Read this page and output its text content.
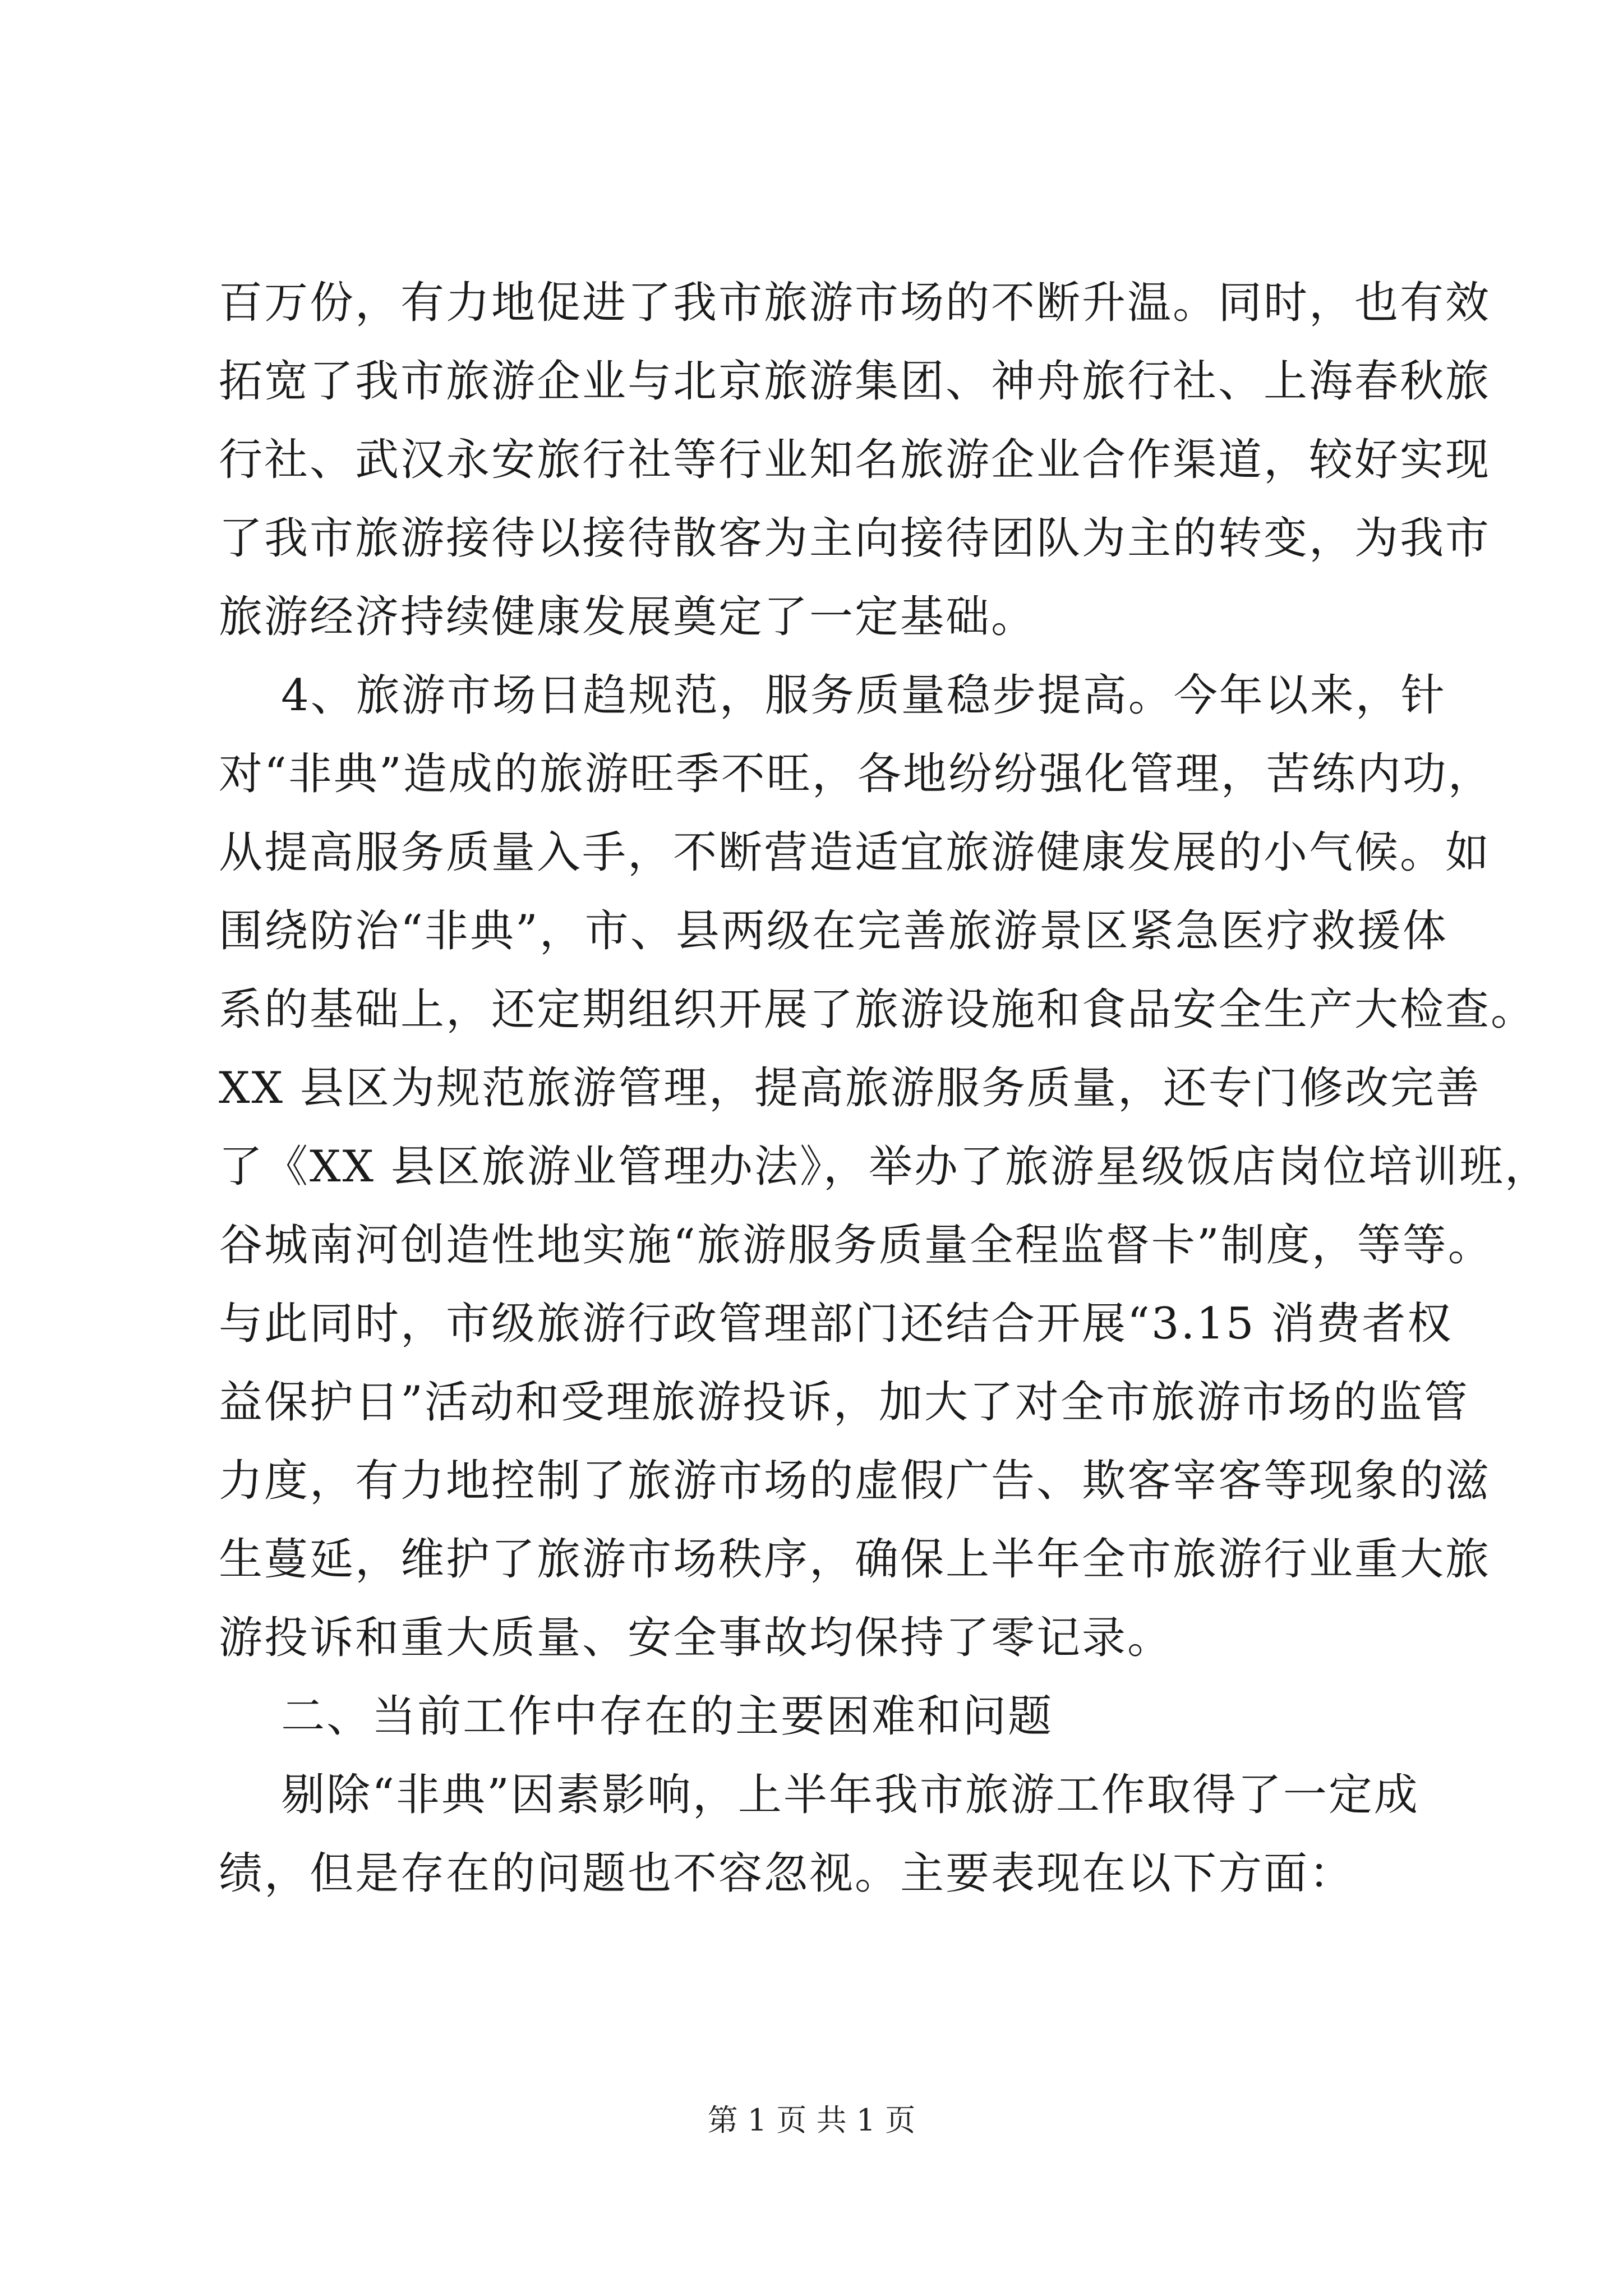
百万份，有力地促进了我市旅游市场的不断升温。同时，也有效
拓宽了我市旅游企业与北京旅游集团、神舟旅行社、上海春秋旅
行社、武汉永安旅行社等行业知名旅游企业合作渠道，较好实现
了我市旅游接待以接待散客为主向接待团队为主的转变，为我市
旅游经济持续健康发展奠定了一定基础。
4、旅游市场日趋规范，服务质量稳步提高。今年以来，针
对“非典”造成的旅游旺季不旺，各地纷纷强化管理，苦练内功，
从提高服务质量入手，不断营造适宜旅游健康发展的小气候。如
围绕防治“非典”，市、县两级在完善旅游景区紧急医疗救援体
系的基础上，还定期组织开展了旅游设施和食品安全生产大检查。
XX 县区为规范旅游管理，提高旅游服务质量，还专门修改完善
了《XX 县区旅游业管理办法》，举办了旅游星级饭店岗位培训班，
谷城南河创造性地实施“旅游服务质量全程监督卡”制度，等等。
与此同时，市级旅游行政管理部门还结合开展“3.15 消费者权
益保护日”活动和受理旅游投诉，加大了对全市旅游市场的监管
力度，有力地控制了旅游市场的虚假广告、欺客宰客等现象的滋
生蔓延，维护了旅游市场秩序，确保上半年全市旅游行业重大旅
游投诉和重大质量、安全事故均保持了零记录。
二、当前工作中存在的主要困难和问题
剔除“非典”因素影响，上半年我市旅游工作取得了一定成
绩，但是存在的问题也不容忽视。主要表现在以下方面：
第 1 页 共 1 页
